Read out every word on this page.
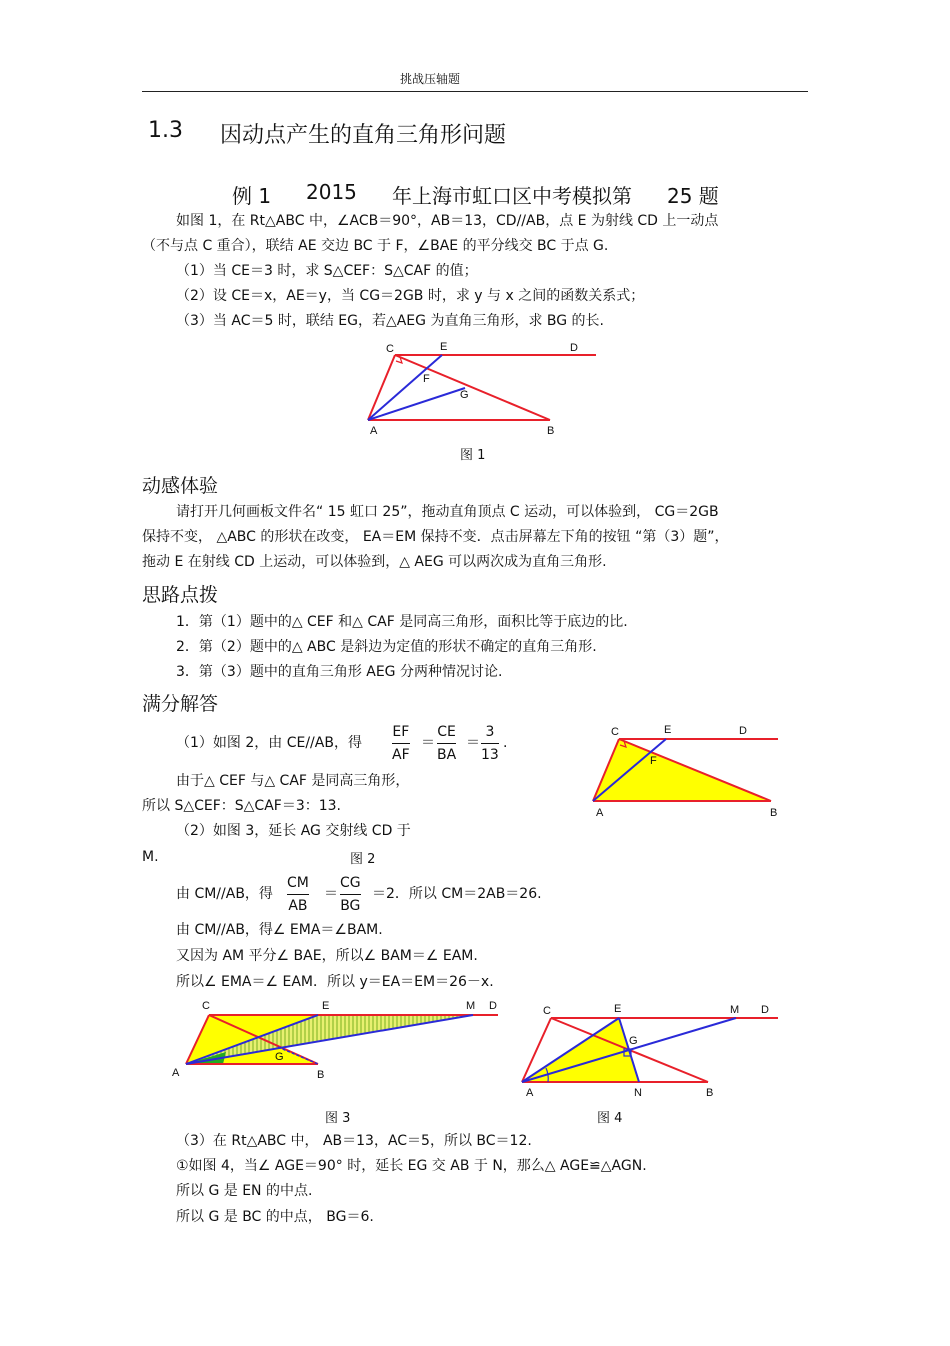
挑战压轴题
1.3 因动点产生的直角三角形问题
例 1 2015 年上海市虹口区中考模拟第 25 题
如图 1，在 Rt△ABC 中，∠ACB＝90°，AB＝13，CD//AB，点 E 为射线 CD 上一动点
（不与点 C 重合），联结 AE 交边 BC 于 F，∠BAE 的平分线交 BC 于点 G.
（1）当 CE＝3 时，求 S△CEF：S△CAF 的值；
（2）设 CE＝x，AE＝y，当 CG＝2GB 时，求 y 与 x 之间的函数关系式；
（3）当 AC＝5 时，联结 EG，若△AEG 为直角三角形，求 BG 的长.
C	E	D
F
G
A	B
图 1
动感体验
请打开几何画板文件名“ 15 虹口 25”，拖动直角顶点 C 运动，可以体验到， CG＝2GB
保持不变， △ABC 的形状在改变， EA＝EM 保持不变．点击屏幕左下角的按钮 “第（3）题”，
拖动 E 在射线 CD 上运动，可以体验到，△ AEG 可以两次成为直角三角形.
思路点拨
1．第（1）题中的△ CEF 和△ CAF 是同高三角形，面积比等于底边的比.
2．第（2）题中的△ ABC 是斜边为定值的形状不确定的直角三角形.
3．第（3）题中的直角三角形 AEG 分两种情况讨论.
满分解答
（1）如图 2，由 CE//AB，得
EF
AF
＝
CE
BA
＝
3
13
.
由于△ CEF 与△ CAF 是同高三角形，
所以 S△CEF：S△CAF＝3：13.
（2）如图 3，延长 AG 交射线 CD 于
M.
C	E	D
F
A	B
图 2
由 CM//AB，得
CM
AB
＝
CG
BG
＝2．所以 CM＝2AB＝26.
由 CM//AB，得∠ EMA＝∠BAM.
又因为 AM 平分∠ BAE，所以∠ BAM＝∠ EAM.
所以∠ EMA＝∠ EAM．所以 y＝EA＝EM＝26－x.
C	E	M D
G
A	B
图 3
C	E	M D
G
A	N	B
图 4
（3）在 Rt△ABC 中， AB＝13，AC＝5，所以 BC＝12.
①如图 4，当∠ AGE＝90° 时，延长 EG 交 AB 于 N，那么△ AGE≌△AGN.
所以 G 是 EN 的中点.
所以 G 是 BC 的中点， BG＝6.
